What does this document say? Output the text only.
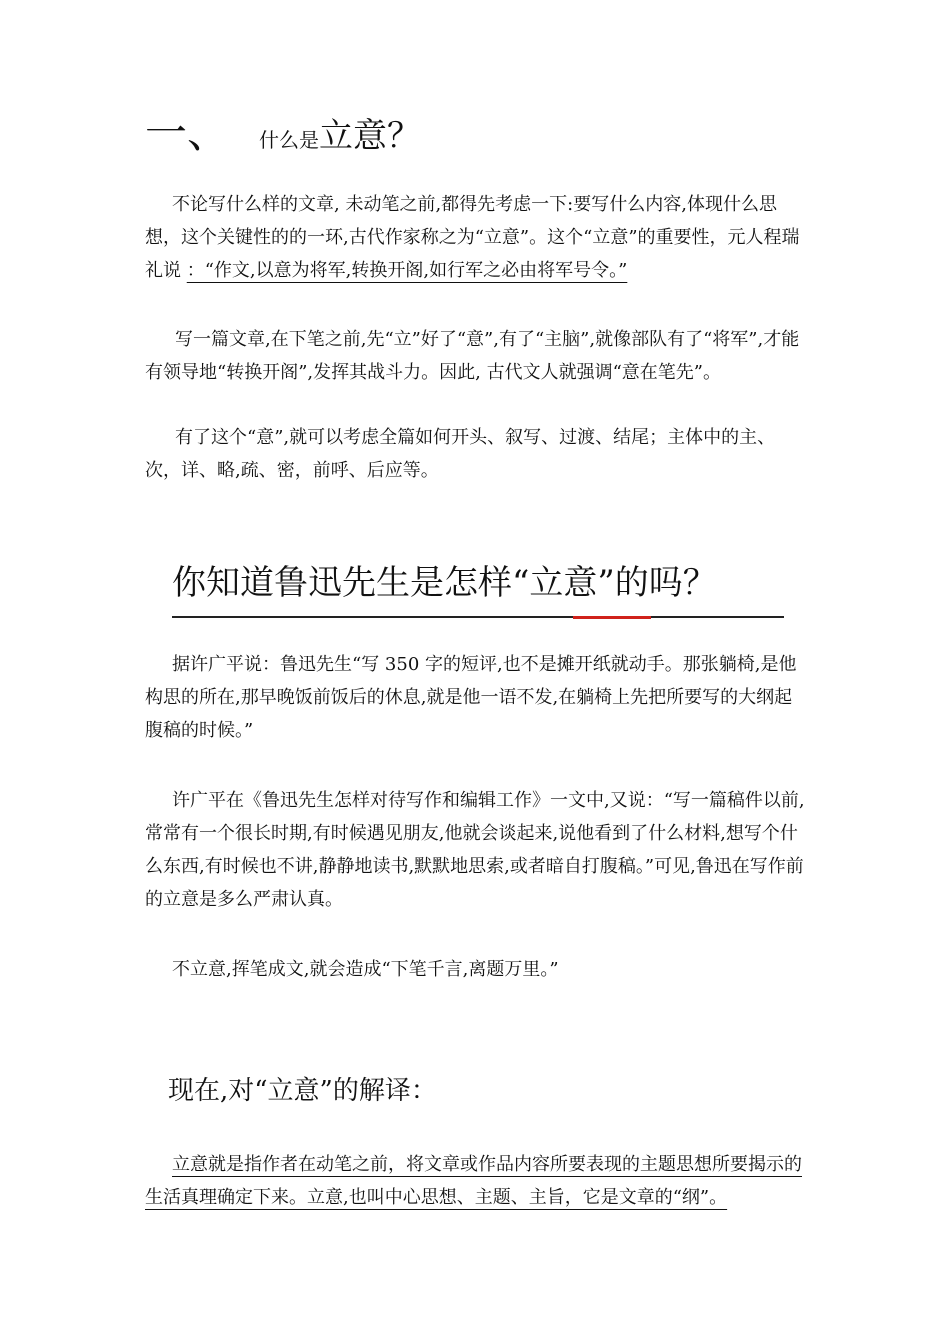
一、 什么是立意？

不论写什么样的文章, 未动笔之前,都得先考虑一下:要写什么内容,体现什么思想，这个关键性的的一环,古代作家称之为“立意”。这个“立意”的重要性，元人程瑞礼说 ：“作文,以意为将军,转换开阁,如行军之必由将军号令。”

写一篇文章,在下笔之前,先“立”好了“意”,有了“主脑”,就像部队有了“将军”,才能有领导地“转换开阁”,发挥其战斗力。因此, 古代文人就强调“意在笔先”。

有了这个“意”,就可以考虑全篇如何开头、叙写、过渡、结尾；主体中的主、次，详、略,疏、密，前呼、后应等。

你知道鲁迅先生是怎样“立意”的吗？

据许广平说：鲁迅先生“写 350 字的短评,也不是摊开纸就动手。那张躺椅,是他构思的所在,那早晚饭前饭后的休息,就是他一语不发,在躺椅上先把所要写的大纲起腹稿的时候。”

许广平在《鲁迅先生怎样对待写作和编辑工作》一文中,又说：“写一篇稿件以前,常常有一个很长时期,有时候遇见朋友,他就会谈起来,说他看到了什么材料,想写个什么东西,有时候也不讲,静静地读书,默默地思索,或者暗自打腹稿。”可见,鲁迅在写作前的立意是多么严肃认真。

不立意,挥笔成文,就会造成“下笔千言,离题万里。”

现在,对“立意”的解译：

立意就是指作者在动笔之前，将文章或作品内容所要表现的主题思想所要揭示的生活真理确定下来。立意,也叫中心思想、主题、主旨，它是文章的“纲”。
